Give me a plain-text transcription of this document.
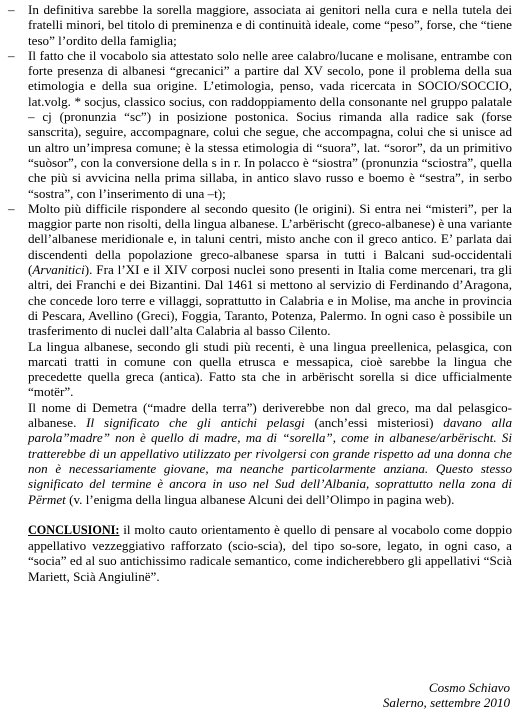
– In definitiva sarebbe la sorella maggiore, associata ai genitori nella cura e nella tutela dei fratelli minori, bel titolo di preminenza e di continuità ideale, come “peso”, forse, che “tiene teso” l’ordito della famiglia;
– Il fatto che il vocabolo sia attestato solo nelle aree calabro/lucane e molisane, entrambe con forte presenza di albanesi “grecanici” a partire dal XV secolo, pone il problema della sua etimologia e della sua origine. L’etimologia, penso, vada ricercata in SOCIO/SOCCIO, lat.volg. * socjus, classico socius, con raddoppiamento della consonante nel gruppo palatale – cj (pronunzia “sc”) in posizione postonica. Socius rimanda alla radice sak (forse sanscrita), seguire, accompagnare, colui che segue, che accompagna, colui che si unisce ad un altro un’impresa comune; è la stessa etimologia di “suora”, lat. “soror”, da un primitivo “suòsor”, con la conversione della s in r. In polacco è “siostra” (pronunzia “sciostra”, quella che più si avvicina nella prima sillaba, in antico slavo russo e boemo è “sestra”, in serbo “sostra”, con l’inserimento di una –t);
– Molto più difficile rispondere al secondo quesito (le origini). Si entra nei “misteri”, per la maggior parte non risolti, della lingua albanese. L’arbërischt (greco-albanese) è una variante dell’albanese meridionale e, in taluni centri, misto anche con il greco antico. E’ parlata dai discendenti della popolazione greco-albanese sparsa in tutti i Balcani sud-occidentali (Arvanitici). Fra l’XI e il XIV corposi nuclei sono presenti in Italia come mercenari, tra gli altri, dei Franchi e dei Bizantini. Dal 1461 si mettono al servizio di Ferdinando d’Aragona, che concede loro terre e villaggi, soprattutto in Calabria e in Molise, ma anche in provincia di Pescara, Avellino (Greci), Foggia, Taranto, Potenza, Palermo. In ogni caso è possibile un trasferimento di nuclei dall’alta Calabria al basso Cilento.
La lingua albanese, secondo gli studi più recenti, è una lingua preellenica, pelasgica, con marcati tratti in comune con quella etrusca e messapica, cioè sarebbe la lingua che precedette quella greca (antica). Fatto sta che in arbërischt sorella si dice ufficialmente “motër”.
Il nome di Demetra (“madre della terra”) deriverebbe non dal greco, ma dal pelasgico-albanese. Il significato che gli antichi pelasgi (anch’essi misteriosi) davano alla parola”madre” non è quello di madre, ma di “sorella”, come in albanese/arbërischt. Si tratterebbe di un appellativo utilizzato per rivolgersi con grande rispetto ad una donna che non è necessariamente giovane, ma neanche particolarmente anziana. Questo stesso significato del termine è ancora in uso nel Sud dell’Albania, soprattutto nella zona di Përmet (v. l’enigma della lingua albanese Alcuni dei dell’Olimpo in pagina web).
CONCLUSIONI: il molto cauto orientamento è quello di pensare al vocabolo come doppio appellativo vezzeggiativo rafforzato (scio-scia), del tipo so-sore, legato, in ogni caso, a “socia” ed al suo antichissimo radicale semantico, come indicherebbero gli appellativi “Scià Mariett, Scià Angiulinë”.
Cosmo Schiavo
Salerno, settembre 2010
